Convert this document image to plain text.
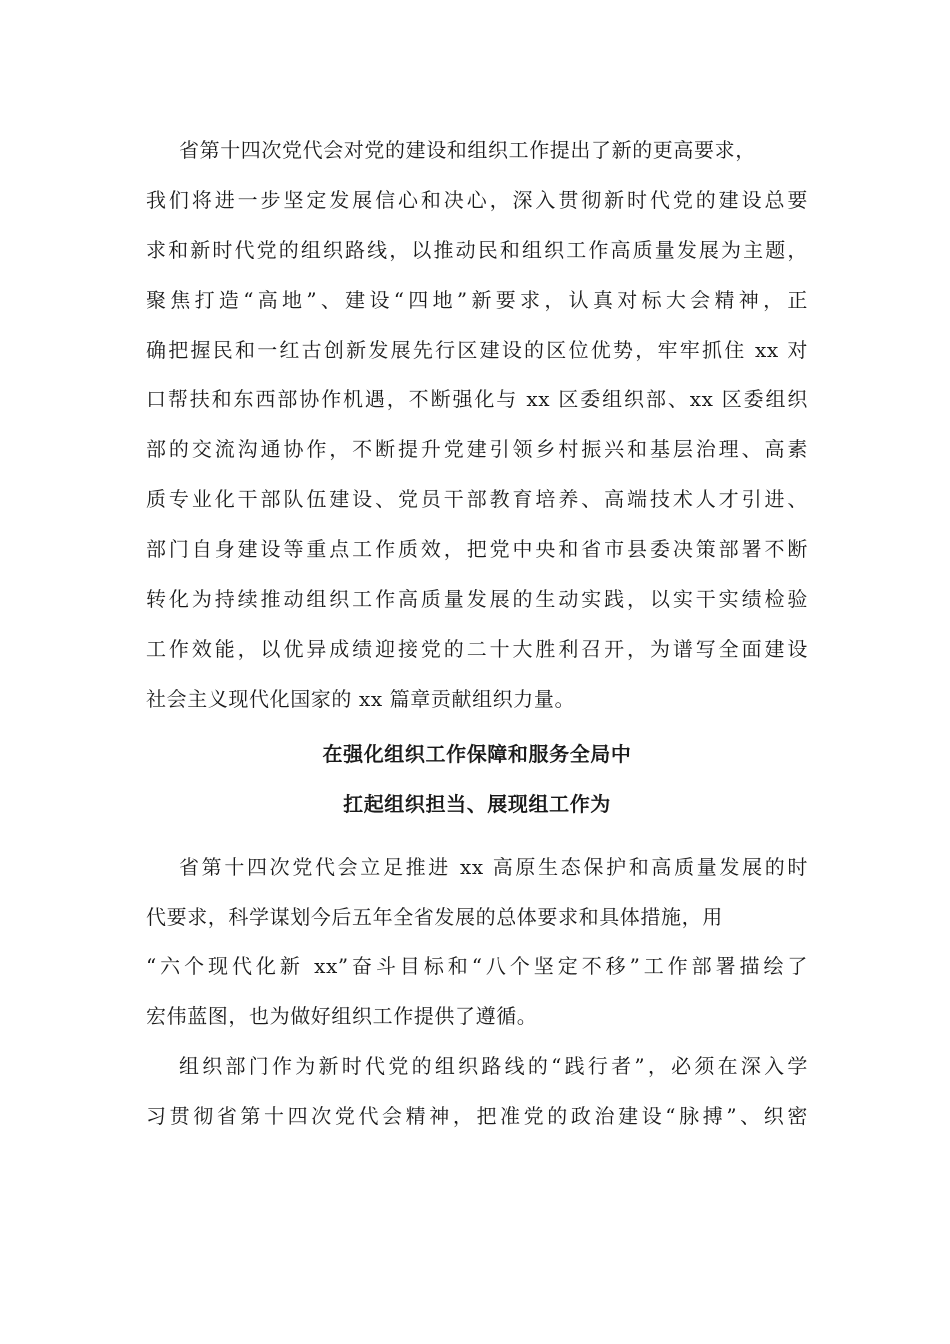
省第十四次党代会对党的建设和组织工作提出了新的更高要求，
我们将进一步坚定发展信心和决心，深入贯彻新时代党的建设总要
求和新时代党的组织路线，以推动民和组织工作高质量发展为主题，
聚焦打造“高地”、建设“四地”新要求，认真对标大会精神，正
确把握民和一红古创新发展先行区建设的区位优势，牢牢抓住 xx 对
口帮扶和东西部协作机遇，不断强化与 xx 区委组织部、xx 区委组织
部的交流沟通协作，不断提升党建引领乡村振兴和基层治理、高素
质专业化干部队伍建设、党员干部教育培养、高端技术人才引进、
部门自身建设等重点工作质效，把党中央和省市县委决策部署不断
转化为持续推动组织工作高质量发展的生动实践，以实干实绩检验
工作效能，以优异成绩迎接党的二十大胜利召开，为谱写全面建设
社会主义现代化国家的 xx 篇章贡献组织力量。
在强化组织工作保障和服务全局中
扛起组织担当、展现组工作为
省第十四次党代会立足推进 xx 高原生态保护和高质量发展的时
代要求，科学谋划今后五年全省发展的总体要求和具体措施，用
“六个现代化新 xx”奋斗目标和“八个坚定不移”工作部署描绘了
宏伟蓝图，也为做好组织工作提供了遵循。
组织部门作为新时代党的组织路线的“践行者”，必须在深入学
习贯彻省第十四次党代会精神，把准党的政治建设“脉搏”、织密
